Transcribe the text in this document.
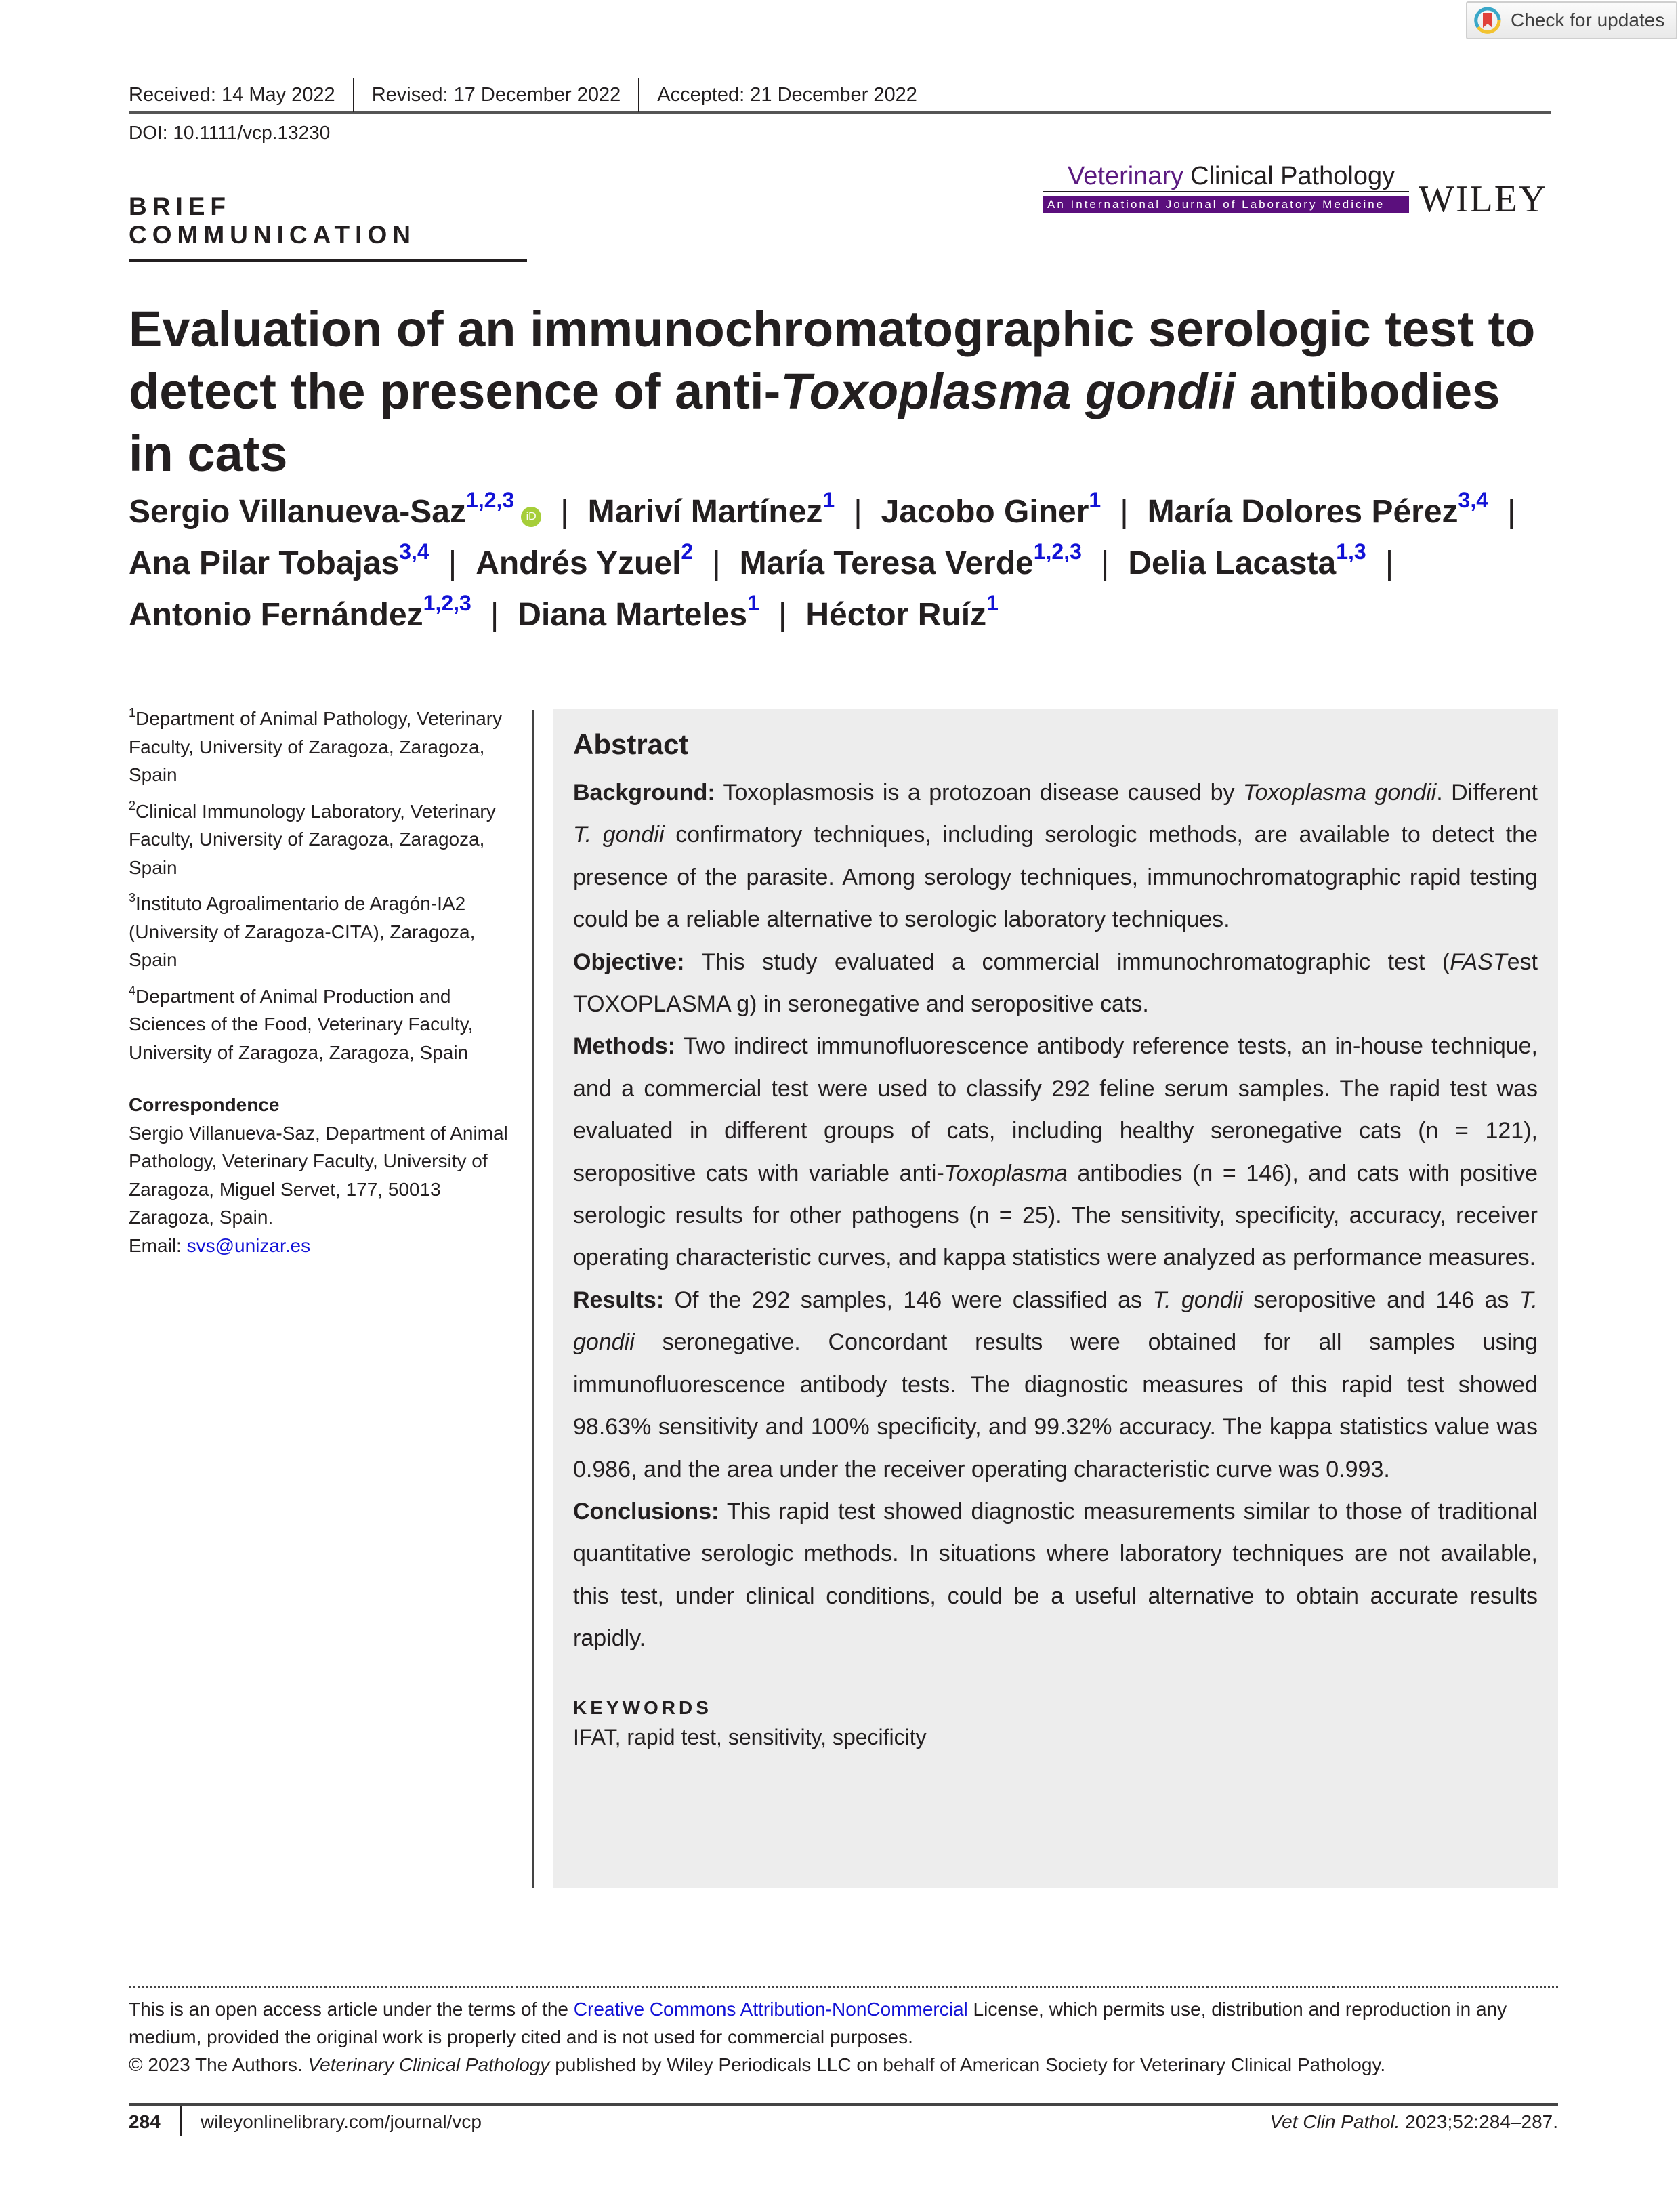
Check for updates
Received: 14 May 2022	Revised: 17 December 2022	Accepted: 21 December 2022
DOI: 10.1111/vcp.13230
BRIEF COMMUNICATION
Veterinary Clinical Pathology
An International Journal of Laboratory Medicine WILEY
Evaluation of an immunochromatographic serologic test to detect the presence of anti-Toxoplasma gondii antibodies in cats
Sergio Villanueva-Saz$^{1,2,3}$iD | Mariví Martínez$^1$ | Jacobo Giner$^1$ | María Dolores Pérez$^{3,4}$ |
Ana Pilar Tobajas$^{3,4}$ | Andrés Yzuel$^2$ | María Teresa Verde$^{1,2,3}$ | Delia Lacasta$^{1,3}$ |
Antonio Fernández$^{1,2,3}$ | Diana Marteles$^1$ | Héctor Ruíz$^1$
$^1$Department of Animal Pathology, Veterinary Faculty, University of Zaragoza, Zaragoza, Spain
$^2$Clinical Immunology Laboratory, Veterinary Faculty, University of Zaragoza, Zaragoza, Spain
$^3$Instituto Agroalimentario de Aragón-IA2 (University of Zaragoza-CITA), Zaragoza, Spain
$^4$Department of Animal Production and Sciences of the Food, Veterinary Faculty, University of Zaragoza, Zaragoza, Spain
Correspondence
Sergio Villanueva-Saz, Department of Animal Pathology, Veterinary Faculty, University of Zaragoza, Miguel Servet, 177, 50013 Zaragoza, Spain.
Email: svs@unizar.es
Abstract

Background: Toxoplasmosis is a protozoan disease caused by Toxoplasma gondii. Different T. gondii confirmatory techniques, including serologic methods, are available to detect the presence of the parasite. Among serology techniques, immunochromatographic rapid testing could be a reliable alternative to serologic laboratory techniques.

Objective: This study evaluated a commercial immunochromatographic test (FASTest TOXOPLASMA g) in seronegative and seropositive cats.

Methods: Two indirect immunofluorescence antibody reference tests, an in-house technique, and a commercial test were used to classify 292 feline serum samples. The rapid test was evaluated in different groups of cats, including healthy seronegative cats (n = 121), seropositive cats with variable anti-Toxoplasma antibodies (n = 146), and cats with positive serologic results for other pathogens (n = 25). The sensitivity, specificity, accuracy, receiver operating characteristic curves, and kappa statistics were analyzed as performance measures.

Results: Of the 292 samples, 146 were classified as T. gondii seropositive and 146 as T. gondii seronegative. Concordant results were obtained for all samples using immunofluorescence antibody tests. The diagnostic measures of this rapid test showed 98.63% sensitivity and 100% specificity, and 99.32% accuracy. The kappa statistics value was 0.986, and the area under the receiver operating characteristic curve was 0.993.

Conclusions: This rapid test showed diagnostic measurements similar to those of traditional quantitative serologic methods. In situations where laboratory techniques are not available, this test, under clinical conditions, could be a useful alternative to obtain accurate results rapidly.

KEYWORDS
IFAT, rapid test, sensitivity, specificity
This is an open access article under the terms of the Creative Commons Attribution-NonCommercial License, which permits use, distribution and reproduction in any medium, provided the original work is properly cited and is not used for commercial purposes.
© 2023 The Authors. Veterinary Clinical Pathology published by Wiley Periodicals LLC on behalf of American Society for Veterinary Clinical Pathology.
284	wileyonlinelibrary.com/journal/vcp	Vet Clin Pathol. 2023;52:284–287.
